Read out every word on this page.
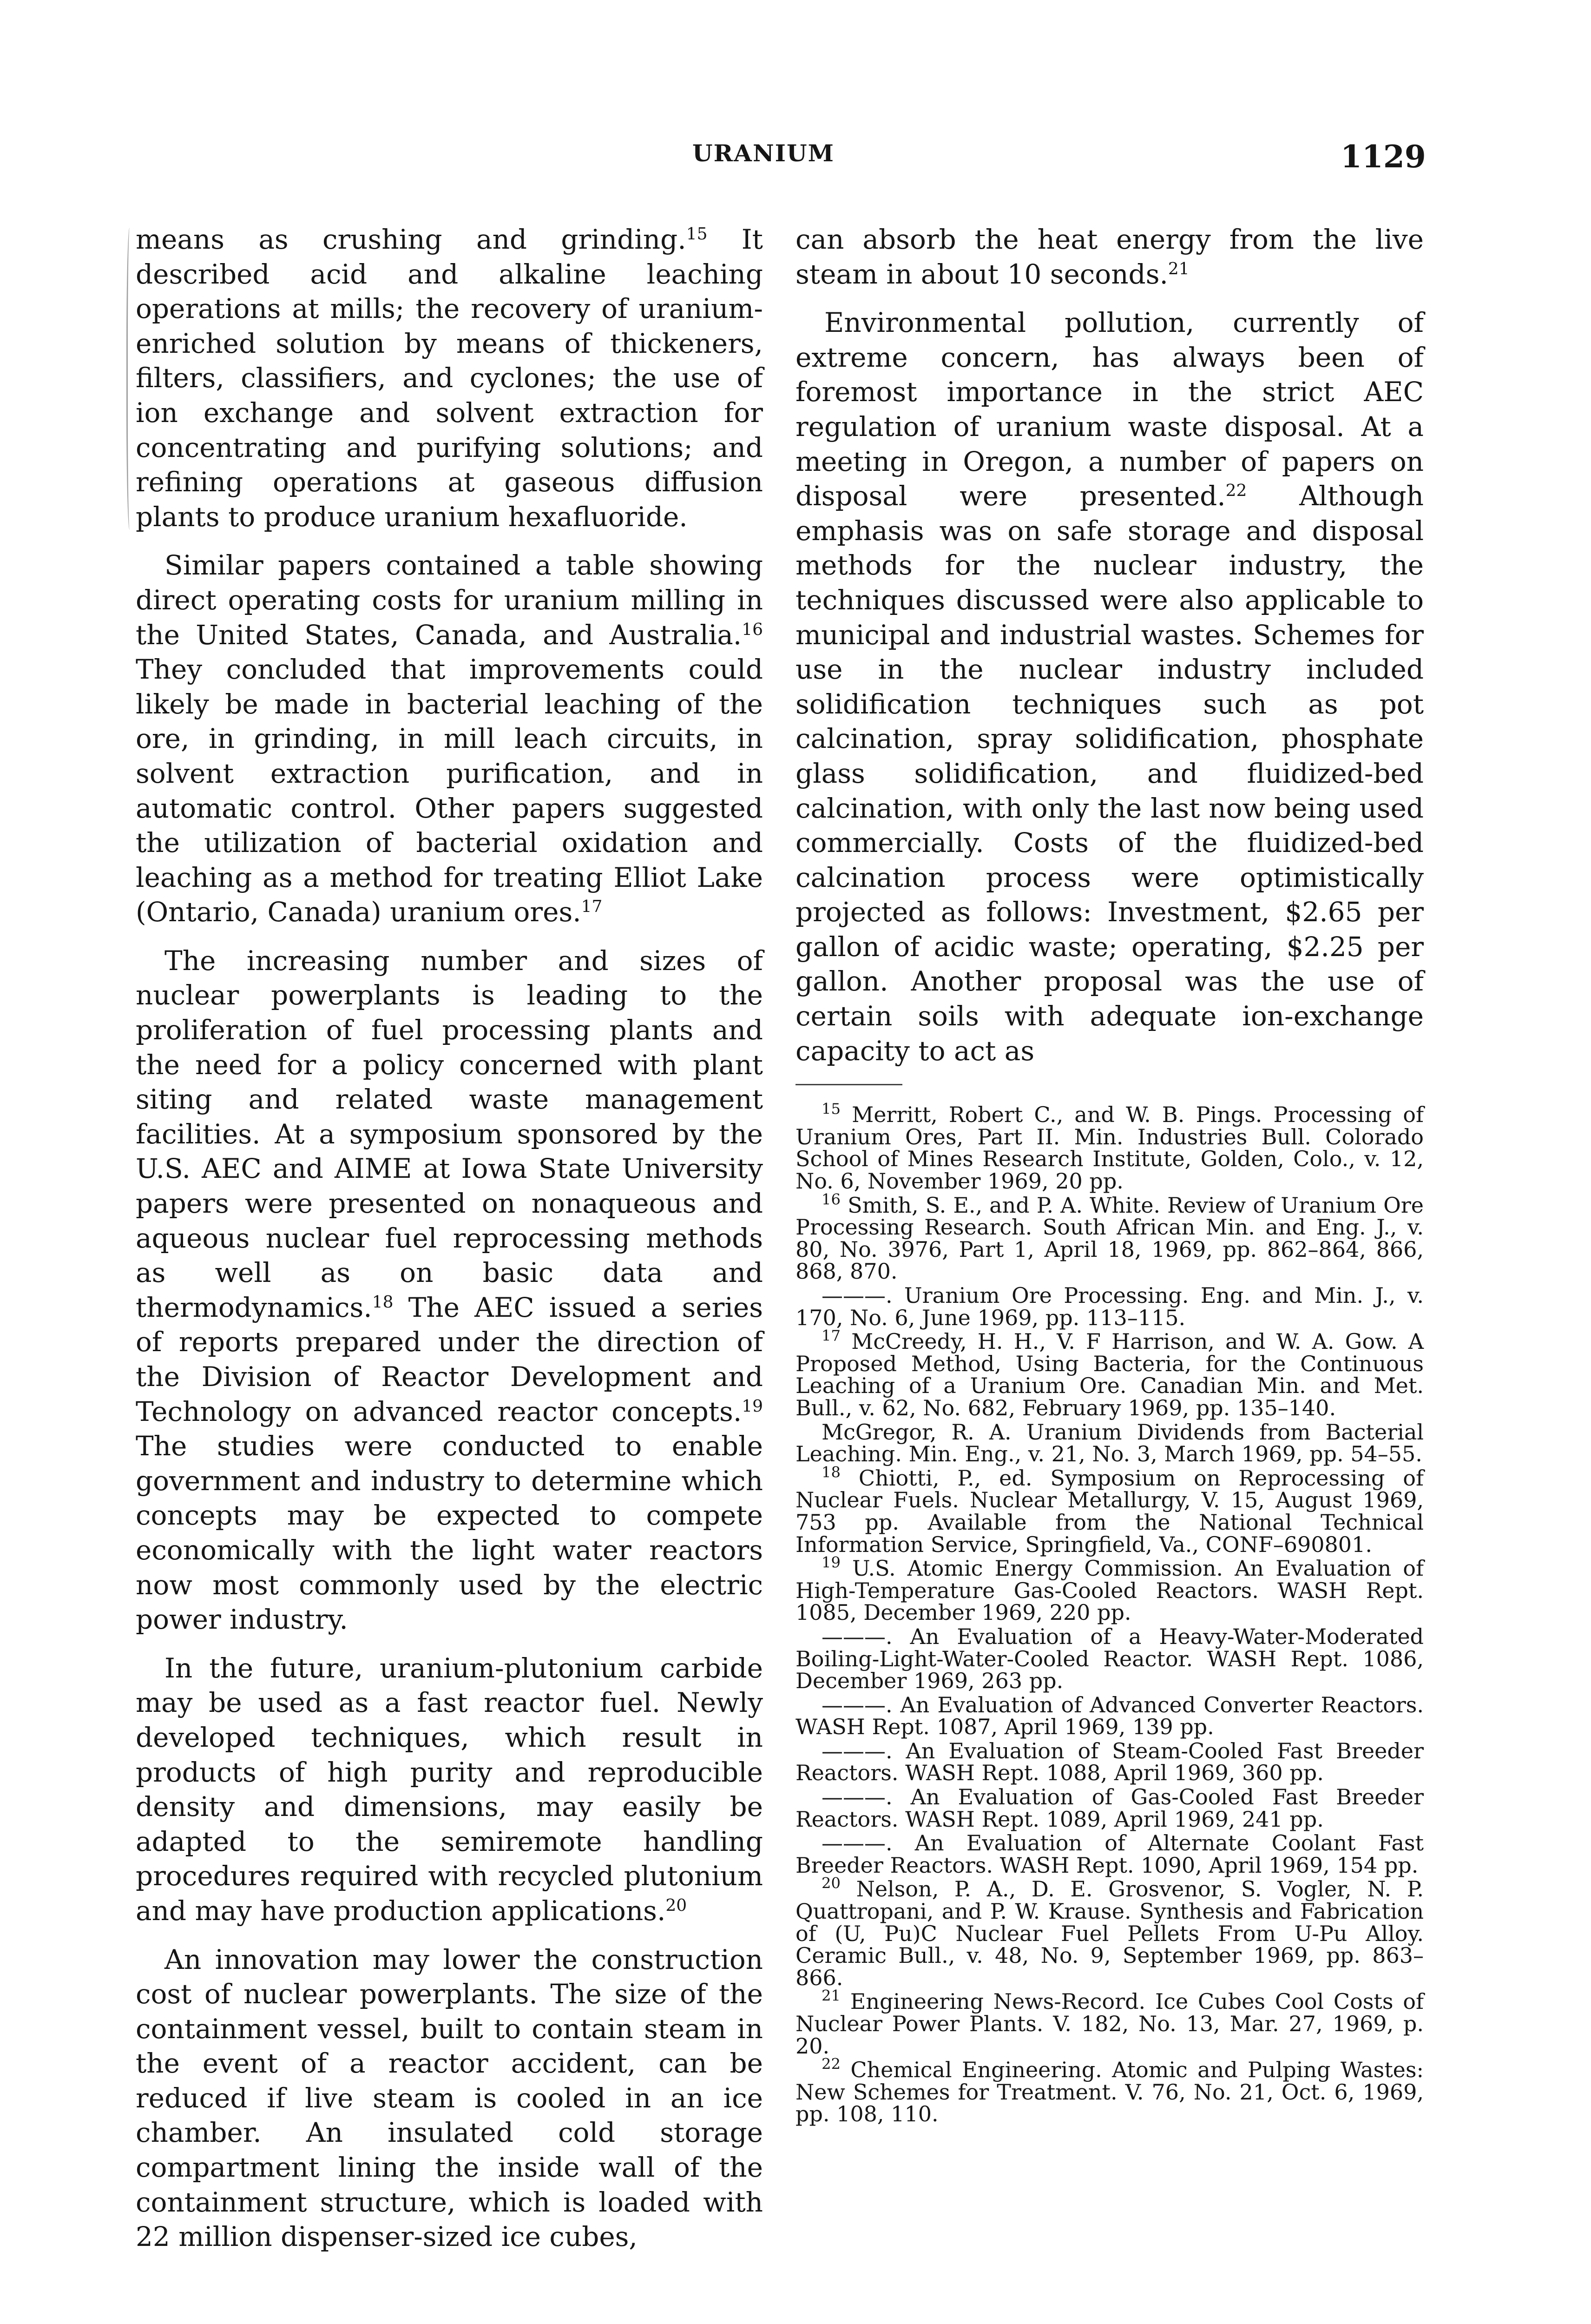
URANIUM	1129

means as crushing and grinding.$^{15}$ It described acid and alkaline leaching operations at mills; the recovery of uranium-enriched solution by means of thickeners, filters, classifiers, and cyclones; the use of ion exchange and solvent extraction for concentrating and purifying solutions; and refining operations at gaseous diffusion plants to produce uranium hexafluoride.

Similar papers contained a table showing direct operating costs for uranium milling in the United States, Canada, and Australia.$^{16}$ They concluded that improvements could likely be made in bacterial leaching of the ore, in grinding, in mill leach circuits, in solvent extraction purification, and in automatic control. Other papers suggested the utilization of bacterial oxidation and leaching as a method for treating Elliot Lake (Ontario, Canada) uranium ores.$^{17}$

The increasing number and sizes of nuclear powerplants is leading to the proliferation of fuel processing plants and the need for a policy concerned with plant siting and related waste management facilities. At a symposium sponsored by the U.S. AEC and AIME at Iowa State University papers were presented on nonaqueous and aqueous nuclear fuel reprocessing methods as well as on basic data and thermodynamics.$^{18}$ The AEC issued a series of reports prepared under the direction of the Division of Reactor Development and Technology on advanced reactor concepts.$^{19}$ The studies were conducted to enable government and industry to determine which concepts may be expected to compete economically with the light water reactors now most commonly used by the electric power industry.

In the future, uranium-plutonium carbide may be used as a fast reactor fuel. Newly developed techniques, which result in products of high purity and reproducible density and dimensions, may easily be adapted to the semiremote handling procedures required with recycled plutonium and may have production applications.$^{20}$

An innovation may lower the construction cost of nuclear powerplants. The size of the containment vessel, built to contain steam in the event of a reactor accident, can be reduced if live steam is cooled in an ice chamber. An insulated cold storage compartment lining the inside wall of the containment structure, which is loaded with 22 million dispenser-sized ice cubes,

can absorb the heat energy from the live steam in about 10 seconds.$^{21}$

Environmental pollution, currently of extreme concern, has always been of foremost importance in the strict AEC regulation of uranium waste disposal. At a meeting in Oregon, a number of papers on disposal were presented.$^{22}$ Although emphasis was on safe storage and disposal methods for the nuclear industry, the techniques discussed were also applicable to municipal and industrial wastes. Schemes for use in the nuclear industry included solidification techniques such as pot calcination, spray solidification, phosphate glass solidification, and fluidized-bed calcination, with only the last now being used commercially. Costs of the fluidized-bed calcination process were optimistically projected as follows: Investment, $2.65 per gallon of acidic waste; operating, $2.25 per gallon. Another proposal was the use of certain soils with adequate ion-exchange capacity to act as

$^{15}$ Merritt, Robert C., and W. B. Pings. Processing of Uranium Ores, Part II. Min. Industries Bull. Colorado School of Mines Research Institute, Golden, Colo., v. 12, No. 6, November 1969, 20 pp.

$^{16}$ Smith, S. E., and P. A. White. Review of Uranium Ore Processing Research. South African Min. and Eng. J., v. 80, No. 3976, Part 1, April 18, 1969, pp. 862–864, 866, 868, 870.

———. Uranium Ore Processing. Eng. and Min. J., v. 170, No. 6, June 1969, pp. 113–115.

$^{17}$ McCreedy, H. H., V. F Harrison, and W. A. Gow. A Proposed Method, Using Bacteria, for the Continuous Leaching of a Uranium Ore. Canadian Min. and Met. Bull., v. 62, No. 682, February 1969, pp. 135–140.

McGregor, R. A. Uranium Dividends from Bacterial Leaching. Min. Eng., v. 21, No. 3, March 1969, pp. 54–55.

$^{18}$ Chiotti, P., ed. Symposium on Reprocessing of Nuclear Fuels. Nuclear Metallurgy, V. 15, August 1969, 753 pp. Available from the National Technical Information Service, Springfield, Va., CONF–690801.

$^{19}$ U.S. Atomic Energy Commission. An Evaluation of High-Temperature Gas-Cooled Reactors. WASH Rept. 1085, December 1969, 220 pp.

———. An Evaluation of a Heavy-Water-Moderated Boiling-Light-Water-Cooled Reactor. WASH Rept. 1086, December 1969, 263 pp.

———. An Evaluation of Advanced Converter Reactors. WASH Rept. 1087, April 1969, 139 pp.

———. An Evaluation of Steam-Cooled Fast Breeder Reactors. WASH Rept. 1088, April 1969, 360 pp.

———. An Evaluation of Gas-Cooled Fast Breeder Reactors. WASH Rept. 1089, April 1969, 241 pp.

———. An Evaluation of Alternate Coolant Fast Breeder Reactors. WASH Rept. 1090, April 1969, 154 pp.

$^{20}$ Nelson, P. A., D. E. Grosvenor, S. Vogler, N. P. Quattropani, and P. W. Krause. Synthesis and Fabrication of (U, Pu)C Nuclear Fuel Pellets From U-Pu Alloy. Ceramic Bull., v. 48, No. 9, September 1969, pp. 863–866.

$^{21}$ Engineering News-Record. Ice Cubes Cool Costs of Nuclear Power Plants. V. 182, No. 13, Mar. 27, 1969, p. 20.

$^{22}$ Chemical Engineering. Atomic and Pulping Wastes: New Schemes for Treatment. V. 76, No. 21, Oct. 6, 1969, pp. 108, 110.
